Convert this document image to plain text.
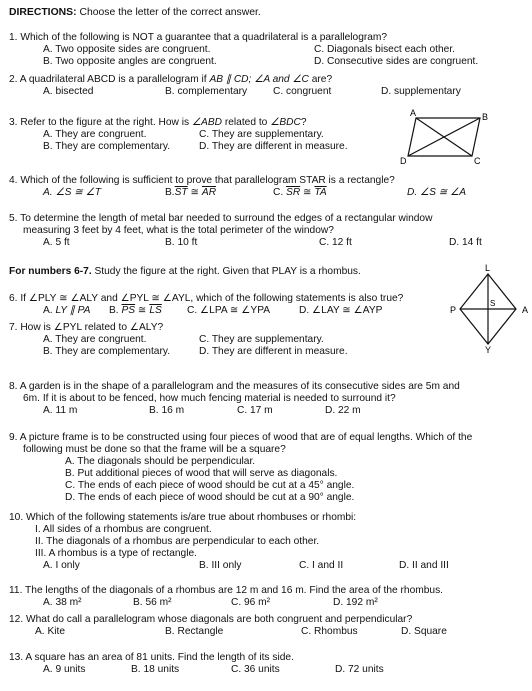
DIRECTIONS: Choose the letter of the correct answer.
1. Which of the following is NOT a guarantee that a quadrilateral is a parallelogram?
A. Two opposite sides are congruent.	C. Diagonals bisect each other.
B. Two opposite angles are congruent.	D. Consecutive sides are congruent.
2. A quadrilateral ABCD is a parallelogram if AB ∥ CD; ∠A and ∠C are?
A. bisected	B. complementary	C. congruent	D. supplementary
3. Refer to the figure at the right. How is ∠ABD related to ∠BDC?
A. They are congruent.	C. They are supplementary.
B. They are complementary.	D. They are different in measure.
A	B
C
D
4. Which of the following is sufficient to prove that parallelogram STAR is a rectangle?
A. ∠S ≅ ∠T	$B.\overline{ST}$ ≅ $\overline{AR}$	C. $\overline{SR}$ ≅ $\overline{TA}$	D. ∠S ≅ ∠A
5. To determine the length of metal bar needed to surround the edges of a rectangular window
measuring 3 feet by 4 feet, what is the total perimeter of the window?
A. 5 ft	B. 10 ft	C. 12 ft	D. 14 ft
For numbers 6-7. Study the figure at the right. Given that PLAY is a rhombus.	L
P
S
A
Y
6. If ∠PLY ≅ ∠ALY and ∠PYL ≅ ∠AYL, which of the following statements is also true?
A. LY ∥ PA B. $\overline{PS}$ ≅ $\overline{LS}$ C. ∠LPA ≅ ∠YPA	D. ∠LAY ≅ ∠AYP
7. How is ∠PYL related to ∠ALY?
A. They are congruent.	C. They are supplementary.
B. They are complementary.	D. They are different in measure.
8. A garden is in the shape of a parallelogram and the measures of its consecutive sides are 5m and
6m. If it is about to be fenced, how much fencing material is needed to surround it?
A. 11 m	B. 16 m	C. 17 m	D. 22 m
9. A picture frame is to be constructed using four pieces of wood that are of equal lengths. Which of the
following must be done so that the frame will be a square?
A. The diagonals should be perpendicular.
B. Put additional pieces of wood that will serve as diagonals.
C. The ends of each piece of wood should be cut at a 45° angle.
D. The ends of each piece of wood should be cut at a 90° angle.
10. Which of the following statements is/are true about rhombuses or rhombi:
I. All sides of a rhombus are congruent.
II. The diagonals of a rhombus are perpendicular to each other.
III. A rhombus is a type of rectangle.
A. I only	B. III only	C. I and II	D. II and III
11. The lengths of the diagonals of a rhombus are 12 m and 16 m. Find the area of the rhombus.
A. 38 m²	B. 56 m²	C. 96 m²	D. 192 m²
12. What do call a parallelogram whose diagonals are both congruent and perpendicular?
A. Kite	B. Rectangle	C. Rhombus	D. Square
13. A square has an area of 81 units. Find the length of its side.
A. 9 units	B. 18 units	C. 36 units	D. 72 units
